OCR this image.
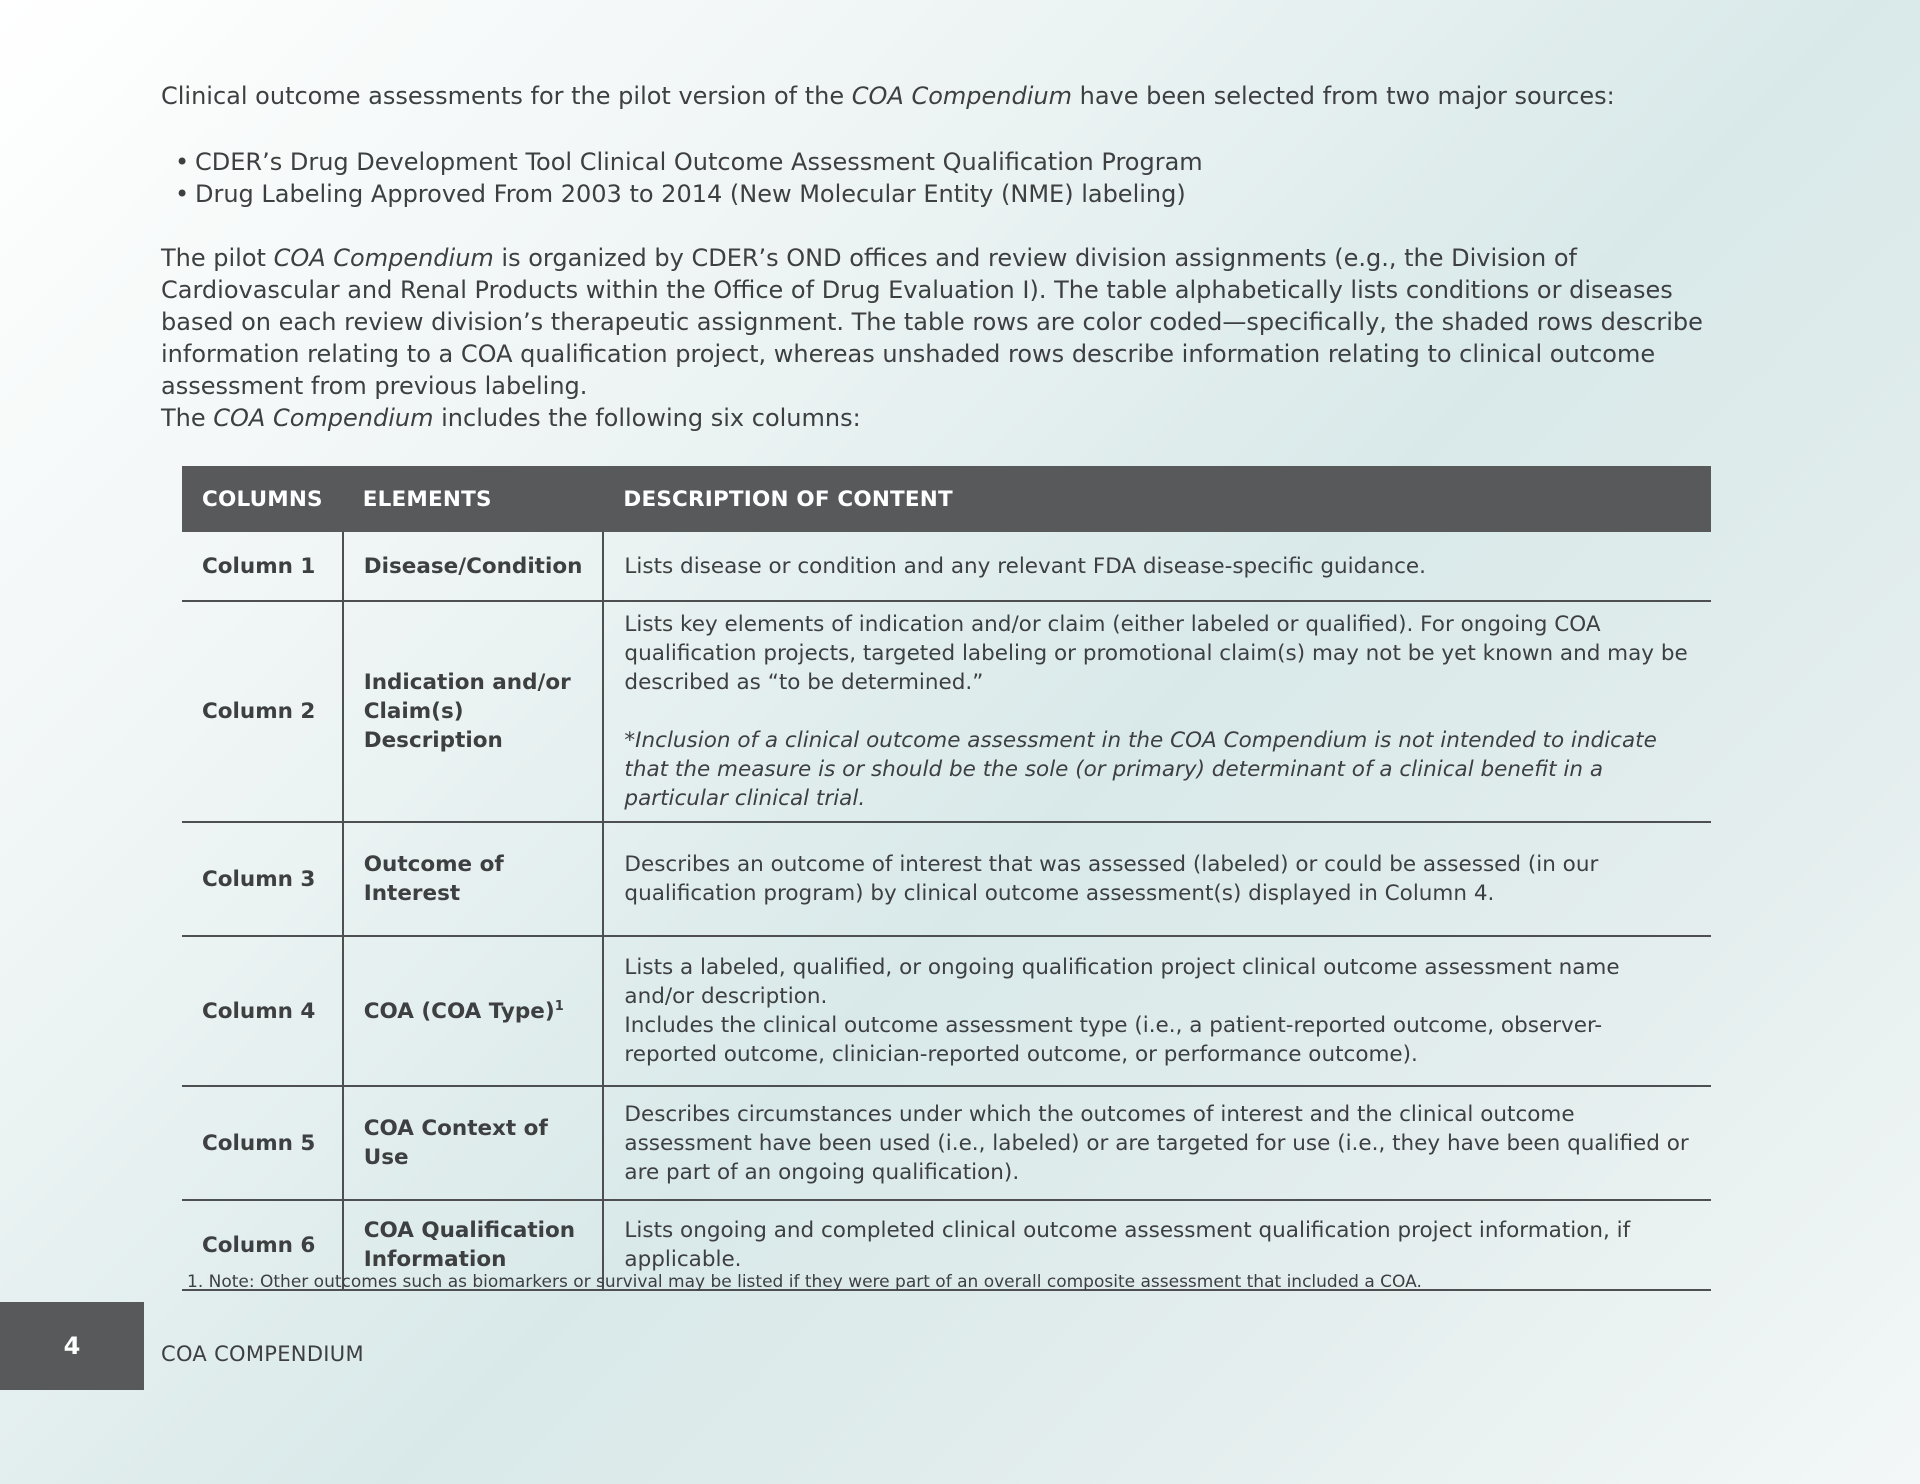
Clinical outcome assessments for the pilot version of the COA Compendium have been selected from two major sources:

• CDER’s Drug Development Tool Clinical Outcome Assessment Qualification Program
• Drug Labeling Approved From 2003 to 2014 (New Molecular Entity (NME) labeling)

The pilot COA Compendium is organized by CDER’s OND offices and review division assignments (e.g., the Division of Cardiovascular and Renal Products within the Office of Drug Evaluation I). The table alphabetically lists conditions or diseases based on each review division’s therapeutic assignment. The table rows are color coded—specifically, the shaded rows describe information relating to a COA qualification project, whereas unshaded rows describe information relating to clinical outcome assessment from previous labeling.

The COA Compendium includes the following six columns:

COLUMNS	ELEMENTS	DESCRIPTION OF CONTENT
Column 1	Disease/Condition	Lists disease or condition and any relevant FDA disease-specific guidance.
Column 2	Indication and/or Claim(s) Description	Lists key elements of indication and/or claim (either labeled or qualified). For ongoing COA qualification projects, targeted labeling or promotional claim(s) may not be yet known and may be described as “to be determined.”
*Inclusion of a clinical outcome assessment in the COA Compendium is not intended to indicate that the measure is or should be the sole (or primary) determinant of a clinical benefit in a particular clinical trial.

Column 3	Outcome of Interest	Describes an outcome of interest that was assessed (labeled) or could be assessed (in our qualification program) by clinical outcome assessment(s) displayed in Column 4.
Column 4	COA (COA Type)$^1$	Lists a labeled, qualified, or ongoing qualification project clinical outcome assessment name and/or description.
Includes the clinical outcome assessment type (i.e., a patient-reported outcome, observer-reported outcome, clinician-reported outcome, or performance outcome).

Column 5	COA Context of Use	Describes circumstances under which the outcomes of interest and the clinical outcome assessment have been used (i.e., labeled) or are targeted for use (i.e., they have been qualified or are part of an ongoing qualification).
Column 6	COA Qualification Information	Lists ongoing and completed clinical outcome assessment qualification project information, if applicable.
1. Note: Other outcomes such as biomarkers or survival may be listed if they were part of an overall composite assessment that included a COA.
4	COA COMPENDIUM
